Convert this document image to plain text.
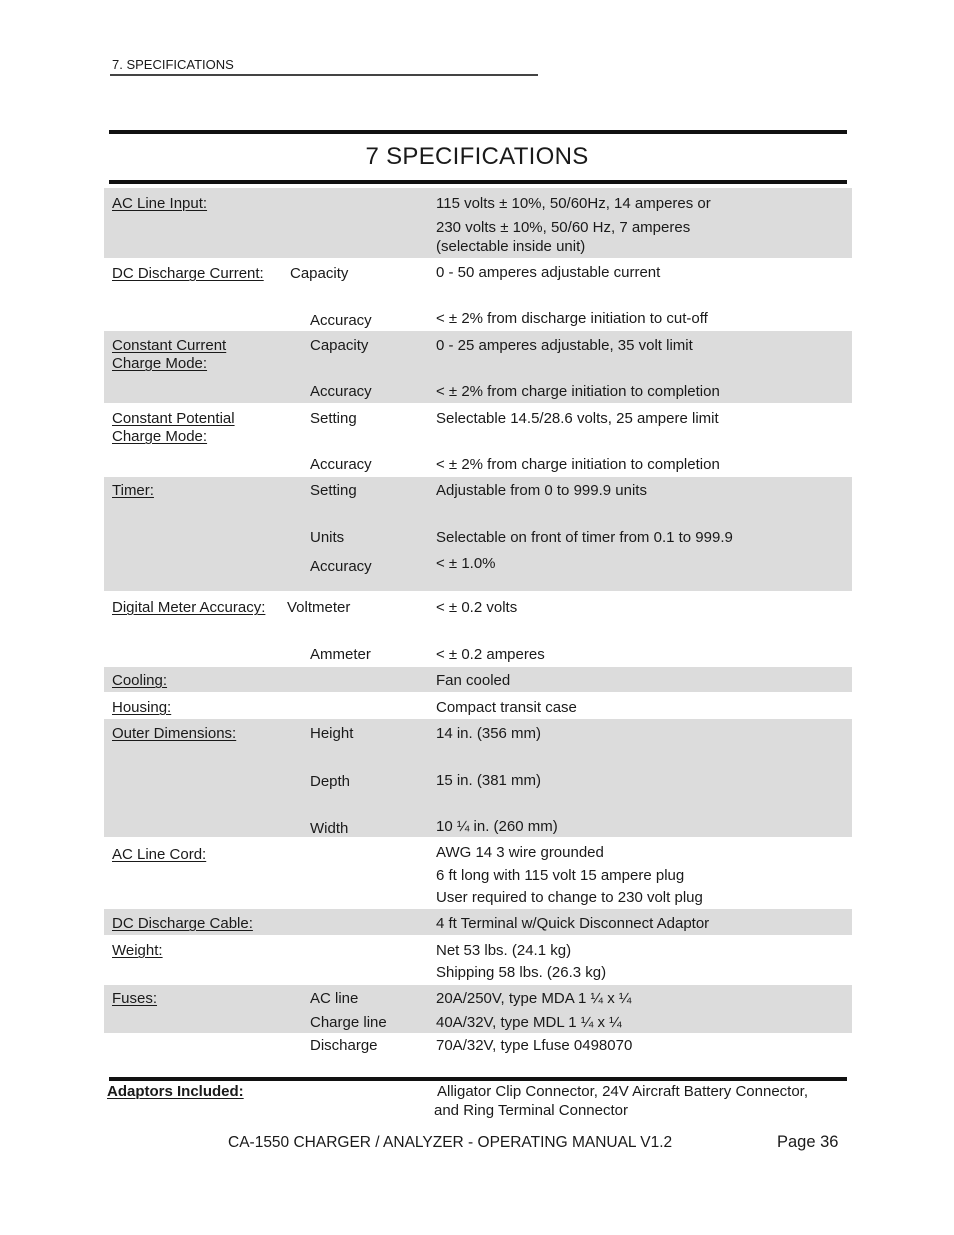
7. SPECIFICATIONS
7 SPECIFICATIONS
AC Line Input:	115 volts ± 10%, 50/60Hz, 14 amperes or
230 volts ± 10%, 50/60 Hz, 7 amperes
(selectable inside unit)
DC Discharge Current: Capacity	0 - 50 amperes adjustable current
Accuracy	< ± 2% from discharge initiation to cut-off
Constant Current
Charge Mode:
Capacity	0 - 25 amperes adjustable, 35 volt limit
Accuracy	< ± 2% from charge initiation to completion
Constant Potential
Charge Mode:
Setting	Selectable 14.5/28.6 volts, 25 ampere limit
Accuracy	< ± 2% from charge initiation to completion
Timer:	Setting	Adjustable from 0 to 999.9 units
Units	Selectable on front of timer from 0.1 to 999.9
Accuracy	< ± 1.0%
Digital Meter Accuracy: Voltmeter	< ± 0.2 volts
Ammeter	< ± 0.2 amperes
Cooling:	Fan cooled
Housing:	Compact transit case
Outer Dimensions:	Height	14 in. (356 mm)
Depth	15 in. (381 mm)
Width	10 ¼ in. (260 mm)
AC Line Cord:	AWG 14 3 wire grounded
6 ft long with 115 volt 15 ampere plug
User required to change to 230 volt plug
DC Discharge Cable:	4 ft Terminal w/Quick Disconnect Adaptor
Weight:	Net 53 lbs. (24.1 kg)
Shipping 58 lbs. (26.3 kg)
Fuses:	AC line	20A/250V, type MDA 1 ¼ x ¼
Charge line	40A/32V, type MDL 1 ¼ x ¼
Discharge	70A/32V, type Lfuse 0498070
Adaptors Included:	Alligator Clip Connector, 24V Aircraft Battery Connector,
and Ring Terminal Connector
CA-1550 CHARGER / ANALYZER - OPERATING MANUAL V1.2	Page 36
